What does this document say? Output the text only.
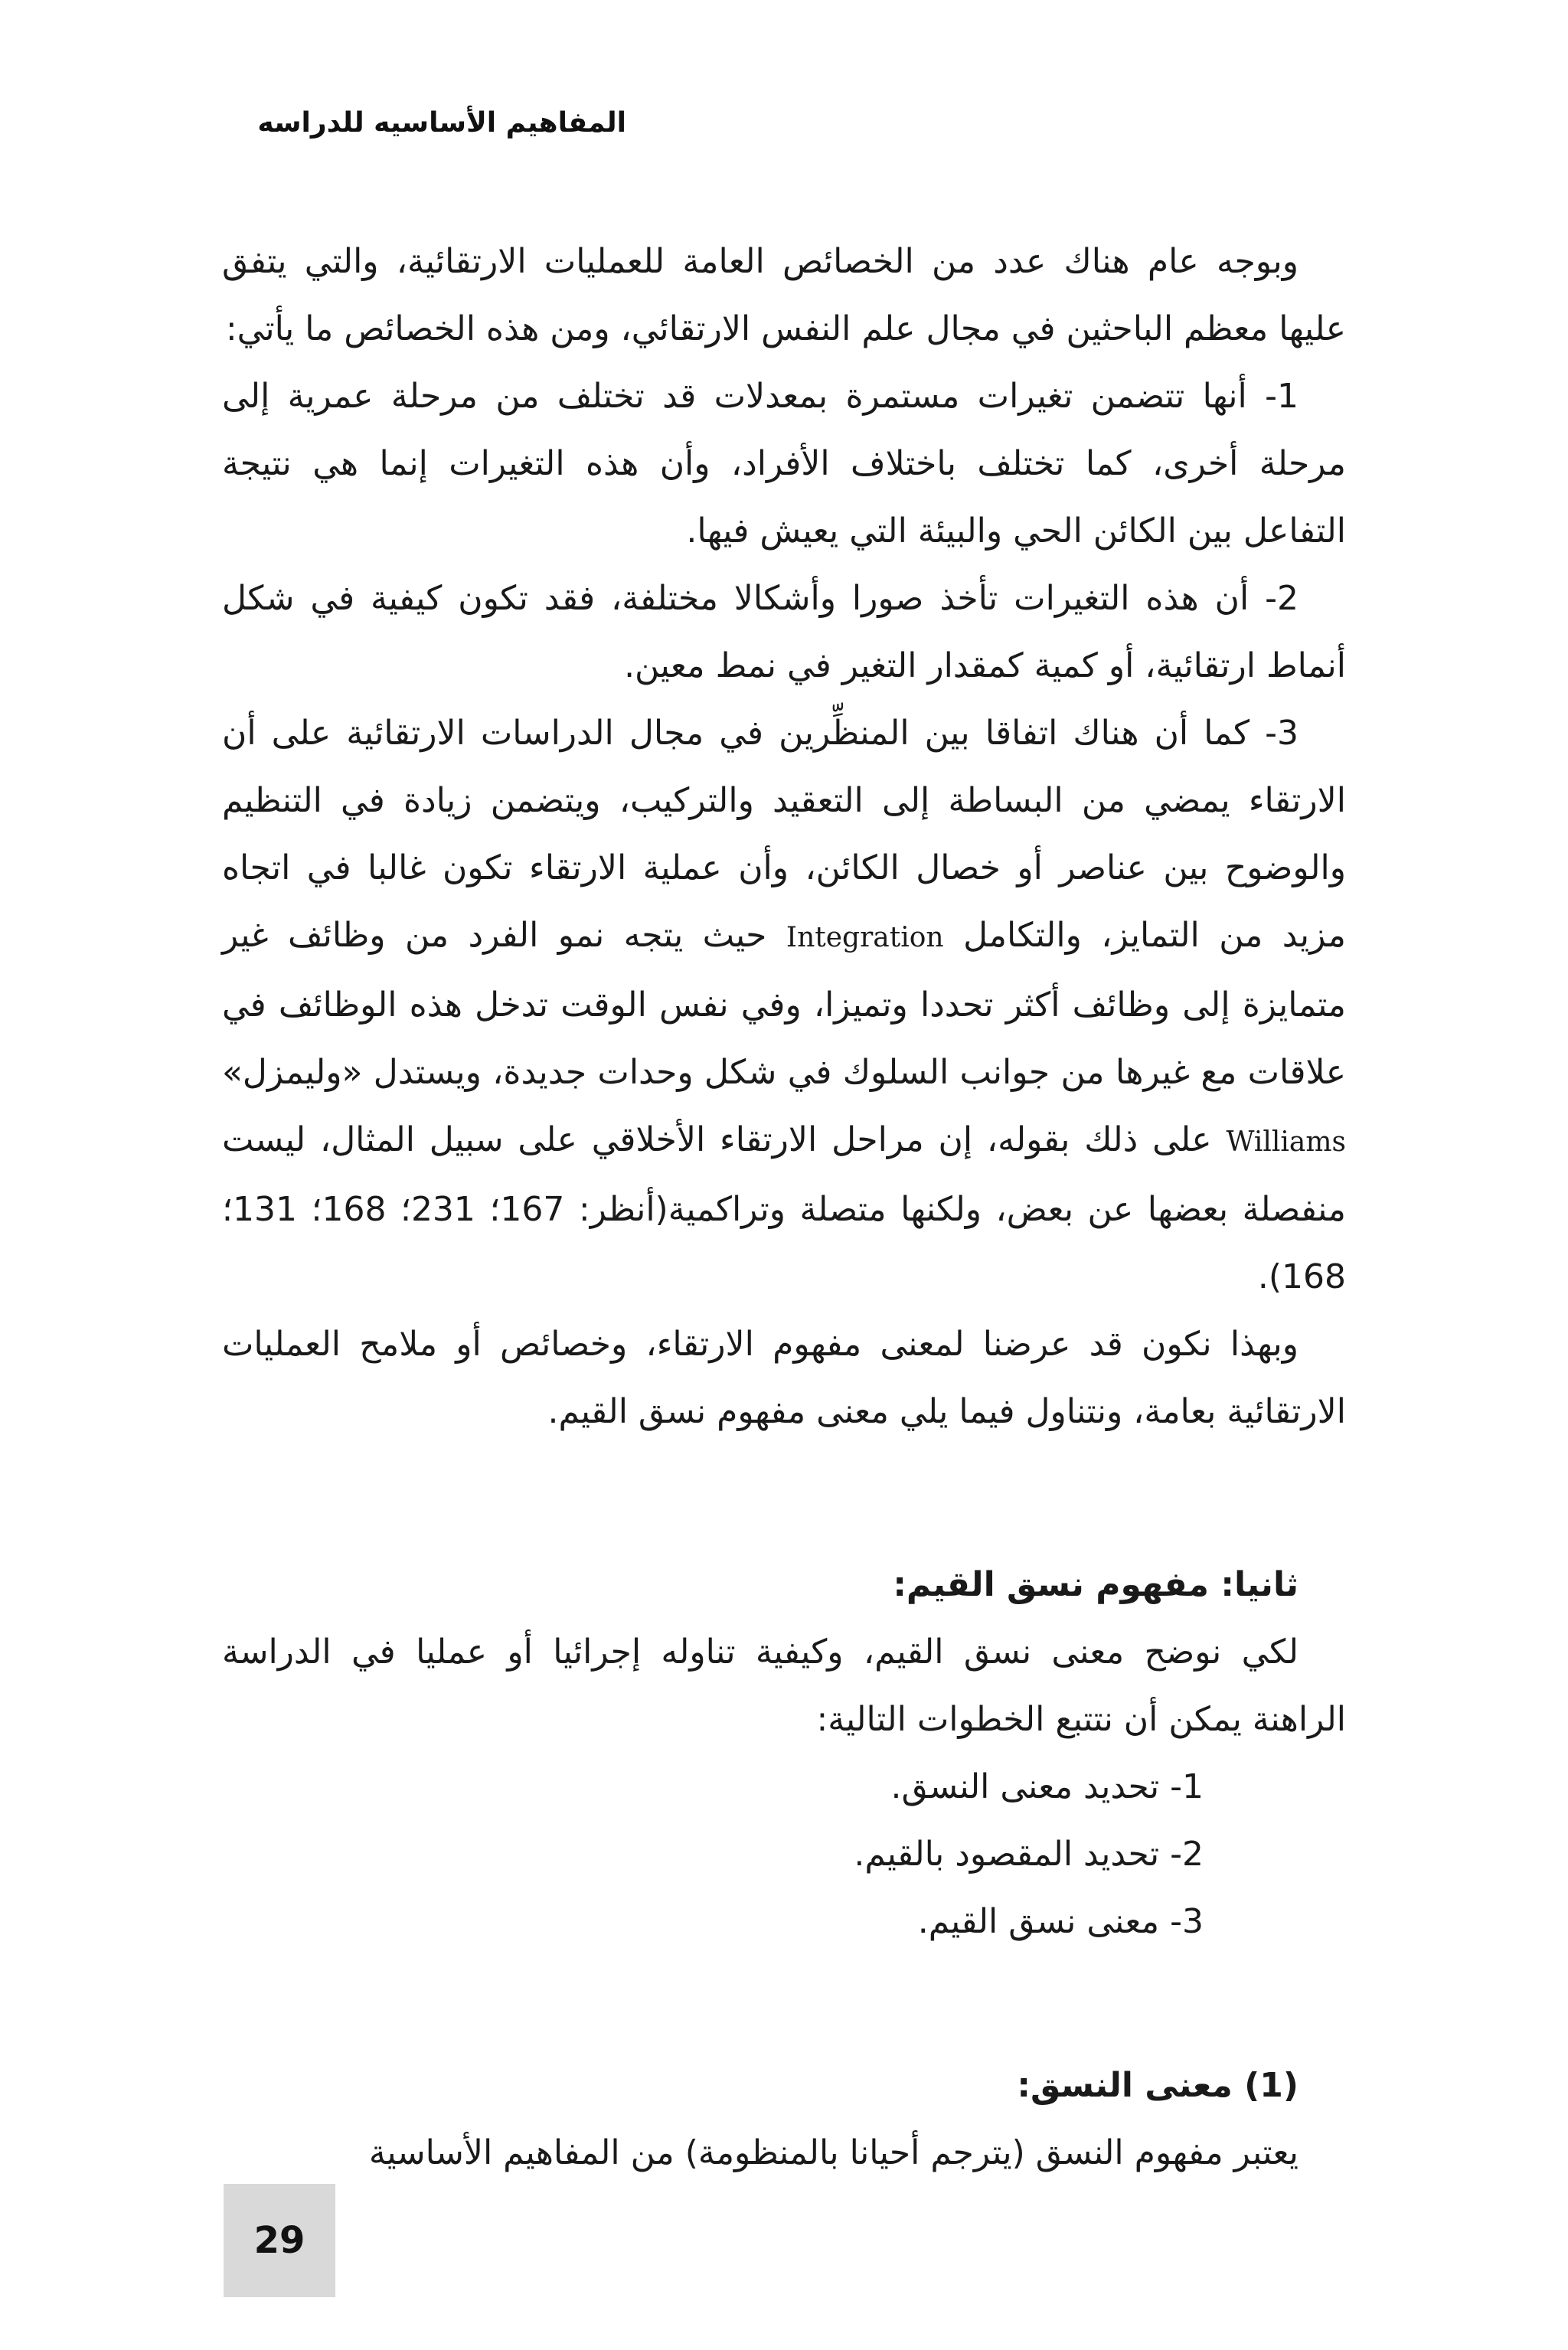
المفاهيم الأساسيه للدراسه

وبوجه عام هناك عدد من الخصائص العامة للعمليات الارتقائية، والتي يتفق عليها معظم الباحثين في مجال علم النفس الارتقائي، ومن هذه الخصائص ما يأتي:

1- أنها تتضمن تغيرات مستمرة بمعدلات قد تختلف من مرحلة عمرية إلى مرحلة أخرى، كما تختلف باختلاف الأفراد، وأن هذه التغيرات إنما هي نتيجة التفاعل بين الكائن الحي والبيئة التي يعيش فيها.

2- أن هذه التغيرات تأخذ صورا وأشكالا مختلفة، فقد تكون كيفية في شكل أنماط ارتقائية، أو كمية كمقدار التغير في نمط معين.

3- كما أن هناك اتفاقا بين المنظِّرين في مجال الدراسات الارتقائية على أن الارتقاء يمضي من البساطة إلى التعقيد والتركيب، ويتضمن زيادة في التنظيم والوضوح بين عناصر أو خصال الكائن، وأن عملية الارتقاء تكون غالبا في اتجاه مزيد من التمايز، والتكامل Integration حيث يتجه نمو الفرد من وظائف غير متمايزة إلى وظائف أكثر تحددا وتميزا، وفي نفس الوقت تدخل هذه الوظائف في علاقات مع غيرها من جوانب السلوك في شكل وحدات جديدة، ويستدل «وليمزل» Williams على ذلك بقوله، إن مراحل الارتقاء الأخلاقي على سبيل المثال، ليست منفصلة بعضها عن بعض، ولكنها متصلة وتراكمية(أنظر: 167؛ 231؛ 168؛ 131؛ 168).

وبهذا نكون قد عرضنا لمعنى مفهوم الارتقاء، وخصائص أو ملامح العمليات الارتقائية بعامة، ونتناول فيما يلي معنى مفهوم نسق القيم.

ثانيا: مفهوم نسق القيم:

لكي نوضح معنى نسق القيم، وكيفية تناوله إجرائيا أو عمليا في الدراسة الراهنة يمكن أن نتتبع الخطوات التالية:

1- تحديد معنى النسق.

2- تحديد المقصود بالقيم.

3- معنى نسق القيم.

(1) معنى النسق:

يعتبر مفهوم النسق (يترجم أحيانا بالمنظومة) من المفاهيم الأساسية

29
